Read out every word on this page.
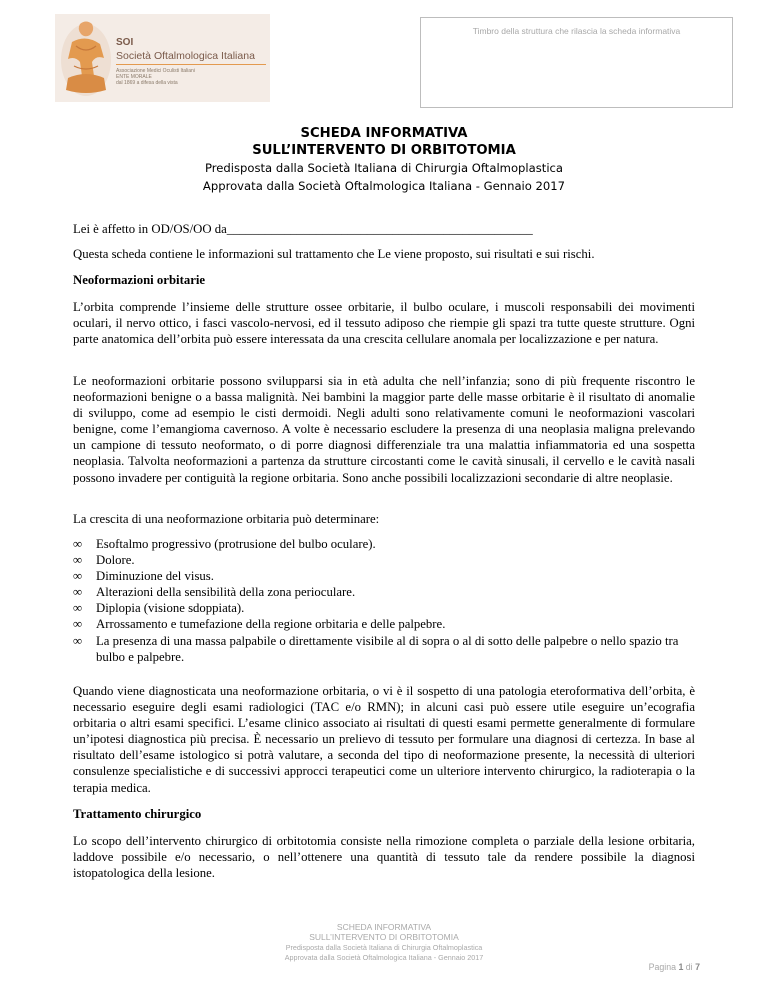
SOI
Società Oftalmologica Italiana
Associazione Medici Oculisti Italiani
ENTE MORALE
dal 1869 a difesa della vista
Timbro della struttura che rilascia la scheda informativa
SCHEDA INFORMATIVA
SULL’INTERVENTO DI ORBITOTOMIA
Predisposta dalla Società Italiana di Chirurgia Oftalmoplastica
Approvata dalla Società Oftalmologica Italiana - Gennaio 2017
Lei è affetto in OD/OS/OO da________________________________________________
Questa scheda contiene le informazioni sul trattamento che Le viene proposto, sui risultati e sui rischi.
Neoformazioni orbitarie
L’orbita comprende l’insieme delle strutture ossee orbitarie, il bulbo oculare, i muscoli responsabili dei movimenti oculari, il nervo ottico, i fasci vascolo-nervosi, ed il tessuto adiposo che riempie gli spazi tra tutte queste strutture. Ogni parte anatomica dell’orbita può essere interessata da una crescita cellulare anomala per localizzazione e per natura.
Le neoformazioni orbitarie possono svilupparsi sia in età adulta che nell’infanzia; sono di più frequente riscontro le neoformazioni benigne o a bassa malignità. Nei bambini la maggior parte delle masse orbitarie è il risultato di anomalie di sviluppo, come ad esempio le cisti dermoidi. Negli adulti sono relativamente comuni le neoformazioni vascolari benigne, come l’emangioma cavernoso. A volte è necessario escludere la presenza di una neoplasia maligna prelevando un campione di tessuto neoformato, o di porre diagnosi differenziale tra una malattia infiammatoria ed una sospetta neoplasia. Talvolta neoformazioni a partenza da strutture circostanti come le cavità sinusali, il cervello e le cavità nasali possono invadere per contiguità la regione orbitaria. Sono anche possibili localizzazioni secondarie di altre neoplasie.
La crescita di una neoformazione orbitaria può determinare:
∞ Esoftalmo progressivo (protrusione del bulbo oculare).
∞ Dolore.
∞ Diminuzione del visus.
∞ Alterazioni della sensibilità della zona perioculare.
∞ Diplopia (visione sdoppiata).
∞ Arrossamento e tumefazione della regione orbitaria e delle palpebre.
∞ La presenza di una massa palpabile o direttamente visibile al di sopra o al di sotto delle palpebre o nello spazio tra bulbo e palpebre.
Quando viene diagnosticata una neoformazione orbitaria, o vi è il sospetto di una patologia eteroformativa dell’orbita, è necessario eseguire degli esami radiologici (TAC e/o RMN); in alcuni casi può essere utile eseguire un’ecografia orbitaria o altri esami specifici. L’esame clinico associato ai risultati di questi esami permette generalmente di formulare un’ipotesi diagnostica più precisa. È necessario un prelievo di tessuto per formulare una diagnosi di certezza. In base al risultato dell’esame istologico si potrà valutare, a seconda del tipo di neoformazione presente, la necessità di ulteriori consulenze specialistiche e di successivi approcci terapeutici come un ulteriore intervento chirurgico, la radioterapia o la terapia medica.
Trattamento chirurgico
Lo scopo dell’intervento chirurgico di orbitotomia consiste nella rimozione completa o parziale della lesione orbitaria, laddove possibile e/o necessario, o nell’ottenere una quantità di tessuto tale da rendere possibile la diagnosi istopatologica della lesione.
SCHEDA INFORMATIVA
SULL’INTERVENTO DI ORBITOTOMIA
Predisposta dalla Società Italiana di Chirurgia Oftalmoplastica
Approvata dalla Società Oftalmologica Italiana - Gennaio 2017
Pagina 1 di 7
